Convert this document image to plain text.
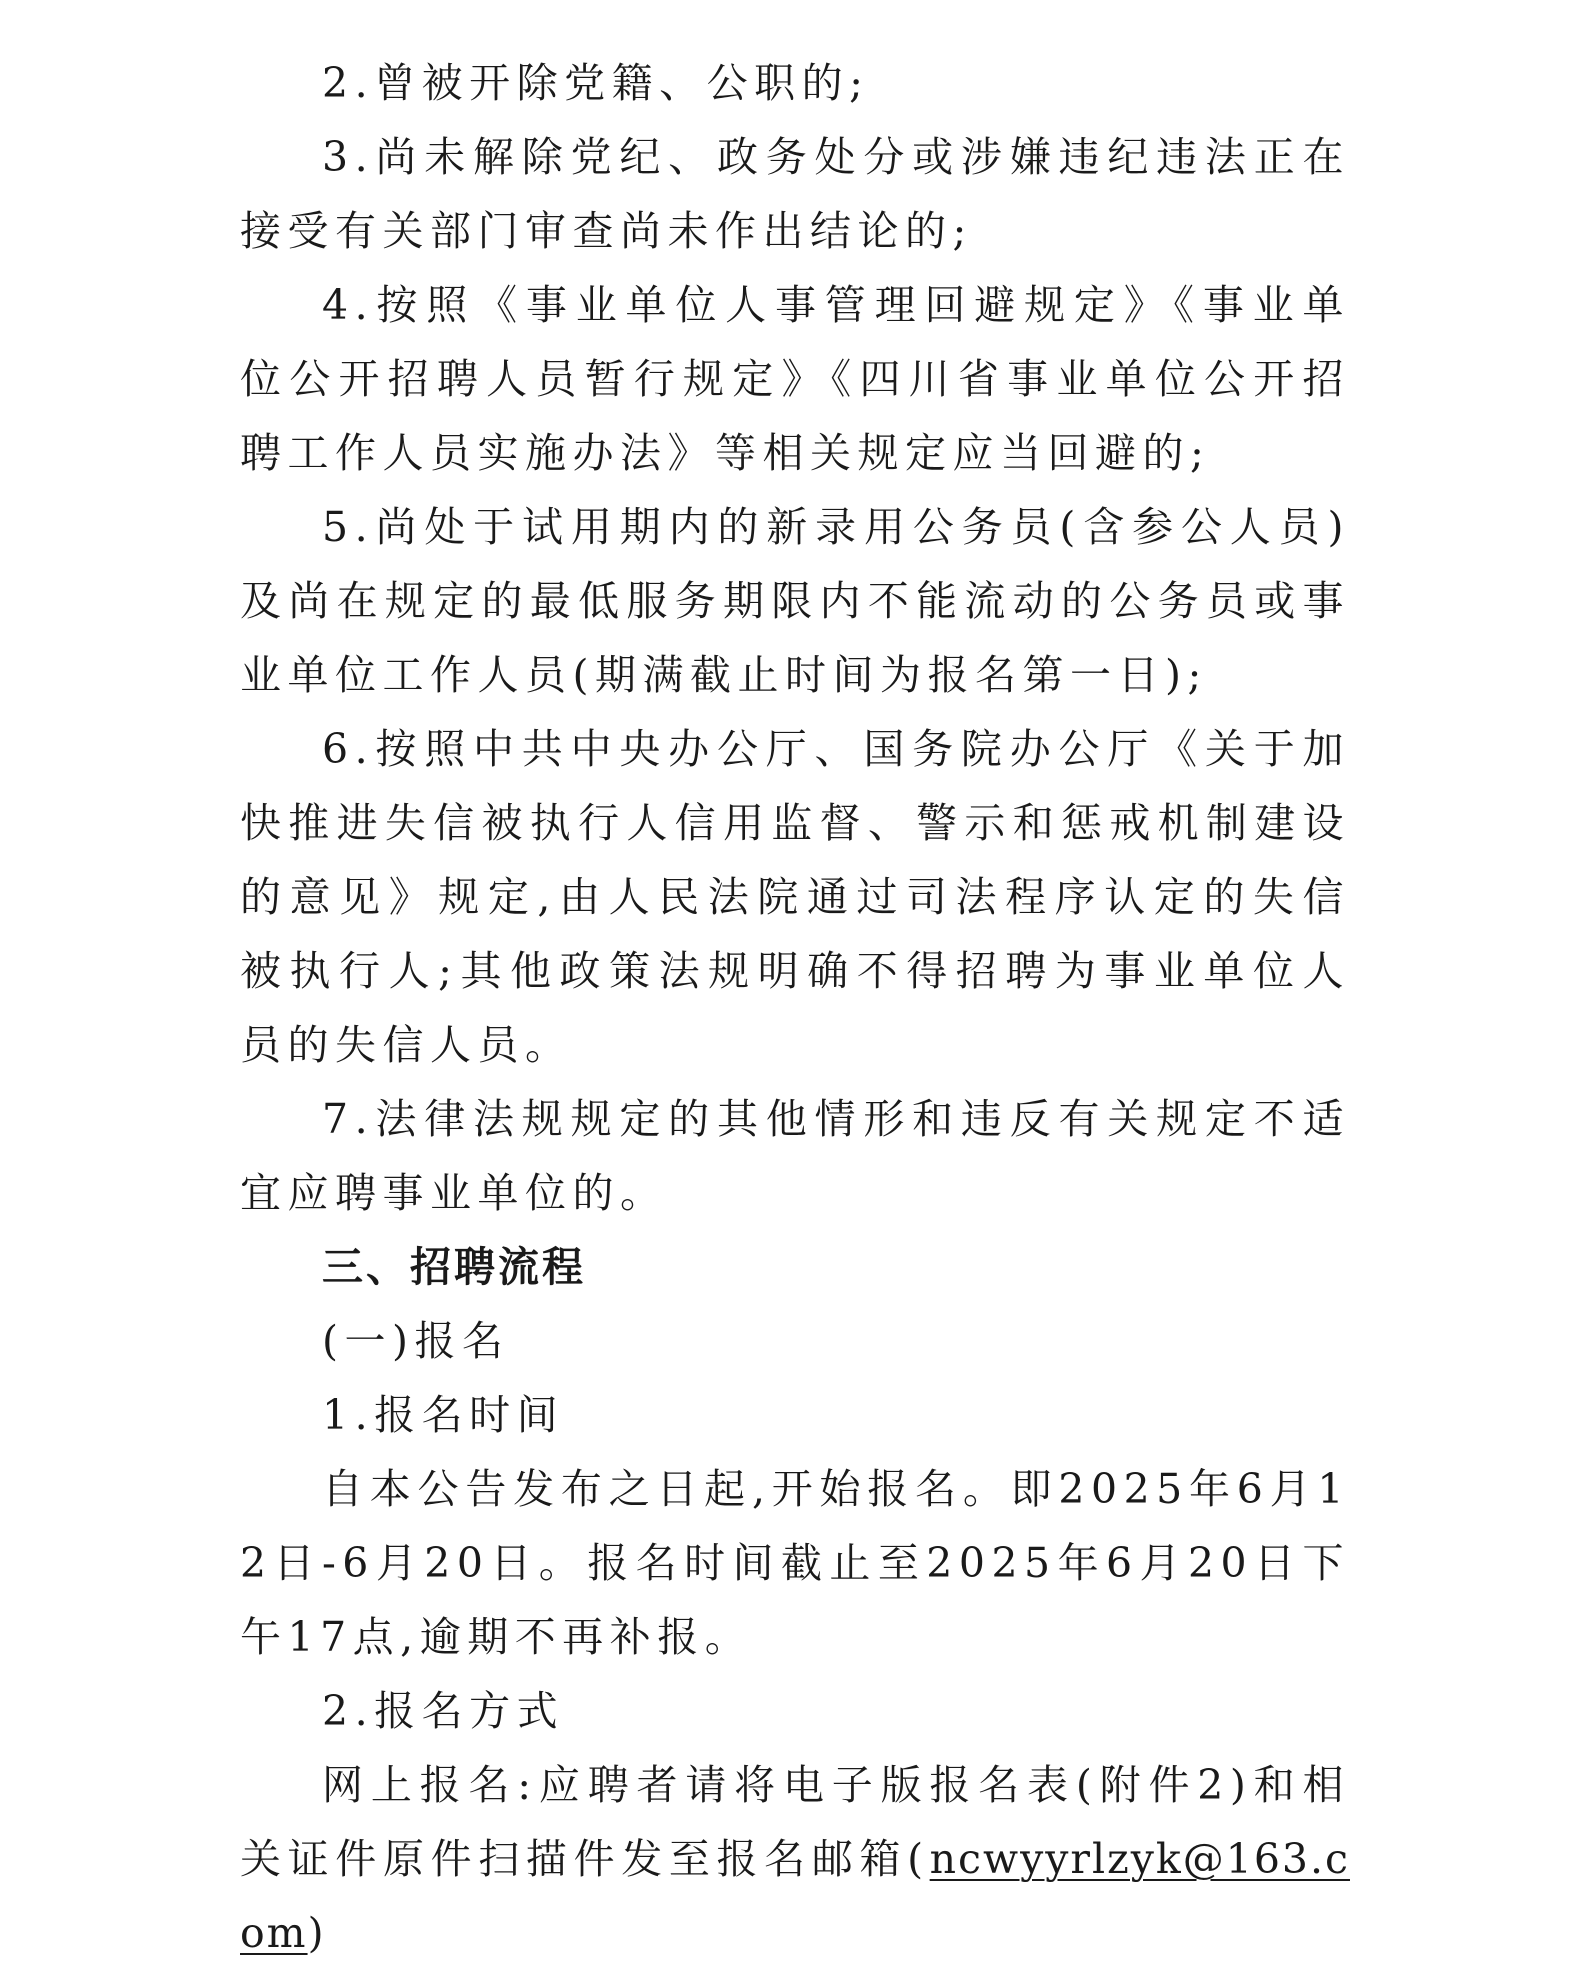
2.曾被开除党籍、公职的;

3.尚未解除党纪、政务处分或涉嫌违纪违法正在接受有关部门审查尚未作出结论的;

4.按照《事业单位人事管理回避规定》《事业单位公开招聘人员暂行规定》《四川省事业单位公开招聘工作人员实施办法》等相关规定应当回避的;

5.尚处于试用期内的新录用公务员(含参公人员)及尚在规定的最低服务期限内不能流动的公务员或事业单位工作人员(期满截止时间为报名第一日);

6.按照中共中央办公厅、国务院办公厅《关于加快推进失信被执行人信用监督、警示和惩戒机制建设的意见》规定,由人民法院通过司法程序认定的失信被执行人;其他政策法规明确不得招聘为事业单位人员的失信人员。

7.法律法规规定的其他情形和违反有关规定不适宜应聘事业单位的。

三、招聘流程

(一)报名

1.报名时间

自本公告发布之日起,开始报名。即2025年6月12日-6月20日。报名时间截止至2025年6月20日下午17点,逾期不再补报。

2.报名方式

网上报名:应聘者请将电子版报名表(附件2)和相关证件原件扫描件发至报名邮箱(ncwyyrlzyk@163.com)
